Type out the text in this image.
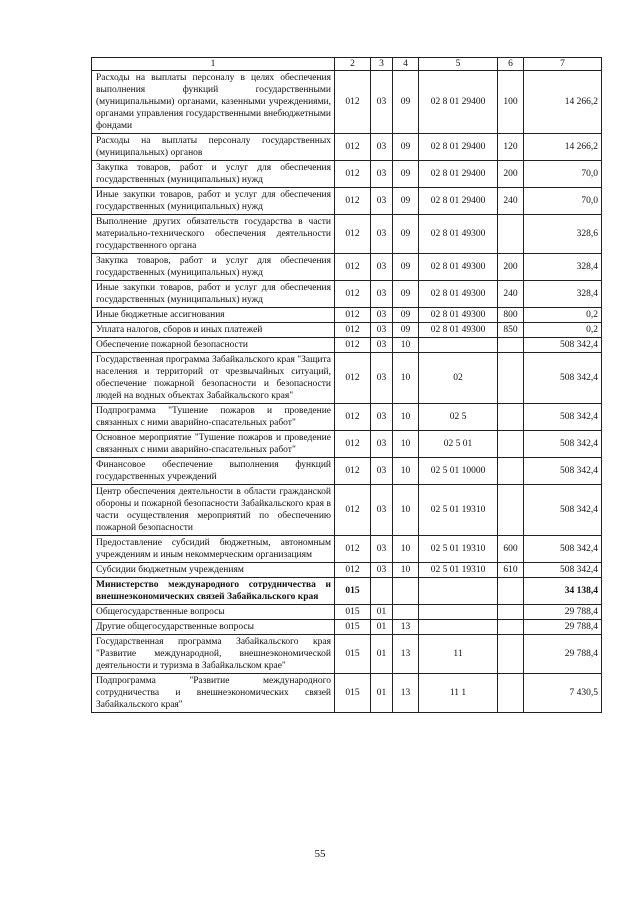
1	2	3	4	5	6	7
Расходы на выплаты персоналу в целях обеспечения выполнения функций государственными (муниципальными) органами, казенными учреждениями, органами управления государственными внебюджетными фондами	012	03	09	02 8 01 29400	100	14 266,2
Расходы на выплаты персоналу государственных (муниципальных) органов	012	03	09	02 8 01 29400	120	14 266,2
Закупка товаров, работ и услуг для обеспечения государственных (муниципальных) нужд	012	03	09	02 8 01 29400	200	70,0
Иные закупки товаров, работ и услуг для обеспечения государственных (муниципальных) нужд	012	03	09	02 8 01 29400	240	70,0
Выполнение других обязательств государства в части материально-технического обеспечения деятельности государственного органа	012	03	09	02 8 01 49300		328,6
Закупка товаров, работ и услуг для обеспечения государственных (муниципальных) нужд	012	03	09	02 8 01 49300	200	328,4
Иные закупки товаров, работ и услуг для обеспечения государственных (муниципальных) нужд	012	03	09	02 8 01 49300	240	328,4
Иные бюджетные ассигнования	012	03	09	02 8 01 49300	800	0,2
Уплата налогов, сборов и иных платежей	012	03	09	02 8 01 49300	850	0,2
Обеспечение пожарной безопасности	012	03	10			508 342,4
Государственная программа Забайкальского края "Защита населения и территорий от чрезвычайных ситуаций, обеспечение пожарной безопасности и безопасности людей на водных объектах Забайкальского края"	012	03	10	02		508 342,4
Подпрограмма "Тушение пожаров и проведение связанных с ними аварийно-спасательных работ"	012	03	10	02 5		508 342,4
Основное мероприятие "Тушение пожаров и проведение связанных с ними аварийно-спасательных работ"	012	03	10	02 5 01		508 342,4
Финансовое обеспечение выполнения функций государственных учреждений	012	03	10	02 5 01 10000		508 342,4
Центр обеспечения деятельности в области гражданской обороны и пожарной безопасности Забайкальского края в части осуществления мероприятий по обеспечению пожарной безопасности	012	03	10	02 5 01 19310		508 342,4
Предоставление субсидий бюджетным, автономным учреждениям и иным некоммерческим организациям	012	03	10	02 5 01 19310	600	508 342,4
Субсидии бюджетным учреждениям	012	03	10	02 5 01 19310	610	508 342,4
Министерство международного сотрудничества и внешнеэкономических связей Забайкальского края	015					34 138,4
Общегосударственные вопросы	015	01				29 788,4
Другие общегосударственные вопросы	015	01	13			29 788,4
Государственная программа Забайкальского края "Развитие международной, внешнеэкономической деятельности и туризма в Забайкальском крае"	015	01	13	11		29 788,4
Подпрограмма "Развитие международного сотрудничества и внешнеэкономических связей Забайкальского края"	015	01	13	11 1		7 430,5
55
